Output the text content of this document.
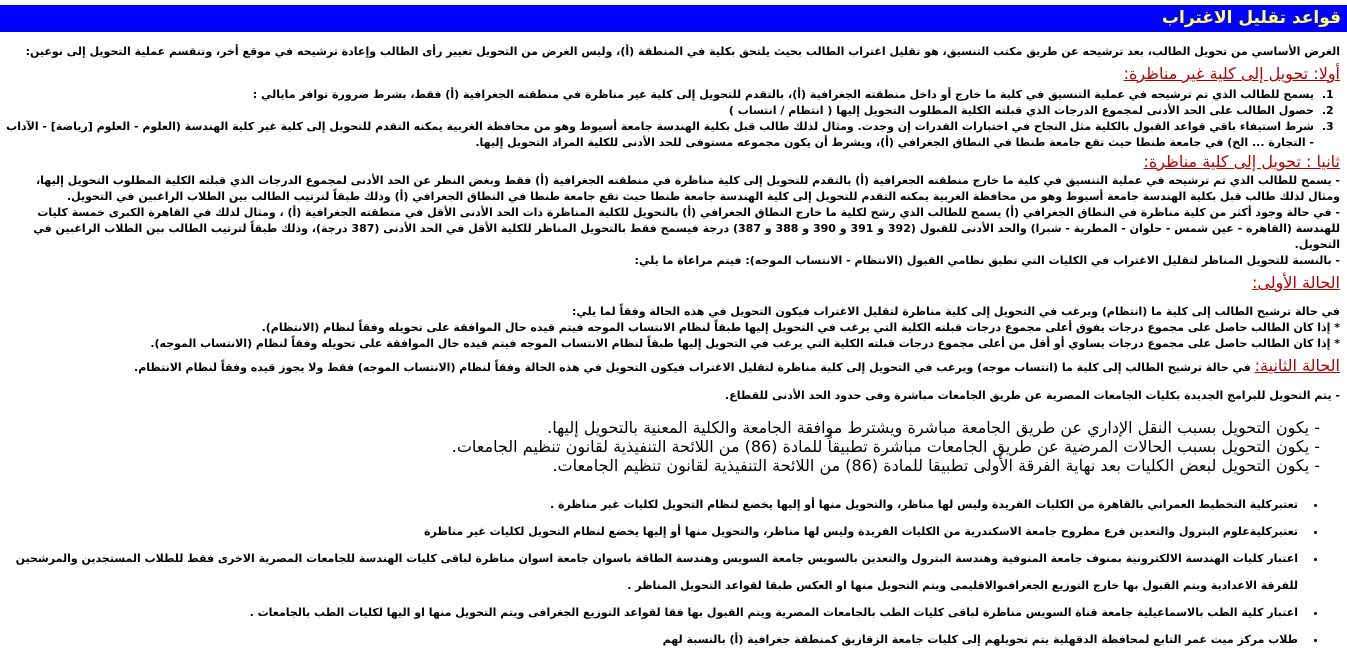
قواعد تقليل الاغتراب

الغرض الأساسي من تحويل الطالب، بعد ترشيحه عن طريق مكتب التنسيق، هو تقليل اغتراب الطالب بحيث يلتحق بكلية في المنطقة (أ)، وليس الغرض من التحويل تغيير رأى الطالب وإعادة ترشيحه في موقع أخر، وتنقسم عملية التحويل إلى نوعين:

أولا: تحويل إلى كلية غير مناظرة:
1. يسمح للطالب الذي تم ترشيحه في عملية التنسيق في كلية ما خارج أو داخل منطقته الجغرافية (أ)، بالتقدم للتحويل إلى كلية غير مناظرة في منطقته الجغرافية (أ) فقط، بشرط ضرورة توافر مايالي :
2. حصول الطالب على الحد الأدنى لمجموع الدرجات الذي قبلته الكلية المطلوب التحويل إليها ( انتظام / انتساب )
3. شرط استيفاء باقي قواعد القبول بالكلية مثل النجاح في اختبارات القدرات إن وجدت. ومثال لذلك طالب قبل بكلية الهندسة جامعة أسيوط وهو من محافظة الغربية يمكنه التقدم للتحويل إلى كلية غير كلية الهندسة (العلوم - العلوم [رياضة] - الآداب - التجارة ... الخ) في جامعة طنطا حيث تقع جامعة طنطا في النطاق الجغرافي (أ)، ويشرط أن يكون مجموعه مستوفى للحد الأدنى للكلية المراد التحويل إليها.
ثانيا : تحويل إلى كلية مناظرة:

- يسمح للطالب الذي تم ترشيحه في عملية التنسيق في كلية ما خارج منطقته الجغرافية (أ) بالتقدم للتحويل إلى كلية مناظرة في منطقته الجغرافية (أ) فقط وبغض النظر عن الحد الأدنى لمجموع الدرجات الذي قبلته الكلية المطلوب التحويل إليها، ومثال لذلك طالب قبل بكلية الهندسة جامعة أسيوط وهو من محافظة الغربية يمكنه التقدم للتحويل إلى كلية الهندسة جامعة طنطا حيث تقع جامعة طنطا في النطاق الجغرافي (أ) وذلك طبقاً لترتيب الطالب بين الطلاب الراغبين في التحويل.

- في حالة وجود أكثر من كلية مناظرة في النطاق الجغرافي (أ) يسمح للطالب الذي رشح لكلية ما خارج النطاق الجغرافي (أ) بالتحويل للكلية المناظرة ذات الحد الأدنى الأقل في منطقته الجغرافية (أ) ، ومثال لذلك في القاهرة الكبرى خمسة كليات للهندسة (القاهرة - عين شمس - حلوان - المطرية - شبرا) والحد الأدنى للقبول (392 و 391 و 390 و 388 و 387) درجة فيسمح فقط بالتحويل المناظر للكلية الأقل في الحد الأدنى (387 درجة)، وذلك طبقاً لترتيب الطالب بين الطلاب الراغبين في التحويل.

- بالنسبة للتحويل المناظر لتقليل الاغتراب في الكليات التي تطبق نظامي القبول (الانتظام - الانتساب الموجه): فيتم مراعاة ما يلي:

الحالة الأولى:

في حالة ترشيح الطالب إلى كلية ما (انتظام) ويرغب في التحويل إلى كلية مناظرة لتقليل الاغتراب فيكون التحويل في هذه الحالة وفقاً لما يلي:

* إذا كان الطالب حاصل على مجموع درجات يفوق أعلى مجموع درجات قبلته الكلية التي يرغب في التحويل إليها طبقاً لنظام الانتساب الموجه فيتم قيده حال الموافقة على تحويله وفقاً لنظام (الانتظام).

* إذا كان الطالب حاصل على مجموع درجات يساوي أو أقل من أعلى مجموع درجات قبلته الكلية التي يرغب في التحويل إليها طبقاً لنظام الانتساب الموجه فيتم قيده حال الموافقة على تحويله وفقاً لنظام (الانتساب الموجه).

الحالة الثانية: في حالة ترشيح الطالب إلى كلية ما (انتساب موجه) ويرغب في التحويل إلى كلية مناظرة لتقليل الاغتراب فيكون التحويل في هذه الحالة وفقاً لنظام (الانتساب الموجه) فقط ولا يجوز قيده وفقاً لنظام الانتظام.

- يتم التحويل للبرامج الجديدة بكليات الجامعات المصرية عن طريق الجامعات مباشرة وفى حدود الحد الأدنى للقطاع.

- يكون التحويل بسبب النقل الإداري عن طريق الجامعة مباشرة ويشترط موافقة الجامعة والكلية المعنية بالتحويل إليها.
- يكون التحويل بسبب الحالات المرضية عن طريق الجامعات مباشرة تطبيقاً للمادة (86) من اللائحة التنفيذية لقانون تنظيم الجامعات.
- يكون التحويل لبعض الكليات بعد نهاية الفرقة الأولى تطبيقا للمادة (86) من اللائحة التنفيذية لقانون تنظيم الجامعات.
• تعتبركلية التخطيط العمراني بالقاهرة من الكليات الفريدة وليس لها مناظر، والتحويل منها أو إليها يخضع لنظام التحويل لكليات غير مناظرة .
• تعتبركليةعلوم البترول والتعدين فرع مطروح جامعة الاسكندرية من الكليات الفريدة وليس لها مناظر، والتحويل منها أو إليها يخضع لنظام التحويل لكليات غير مناظرة
• اعتبار كليات الهندسة الالكترونية بمنوف جامعة المنوفية وهندسة البترول والتعدين بالسويس جامعة السويس وهندسة الطاقة باسوان جامعة اسوان مناظرة لباقى كليات الهندسة للجامعات المصرية الاخرى فقط للطلاب المستجدين والمرشحين للفرقة الاعدادية ويتم القبول بها خارج التوزيع الجغرافىوالاقليمى ويتم التحويل منها او العكس طبقا لقواعد التحويل المناظر .
• اعتبار كلية الطب بالاسماعيلية جامعة قناة السويس مناظرة لباقى كليات الطب بالجامعات المصرية ويتم القبول بها فقا لقواعد التوزيع الجغرافى ويتم التحويل منها او اليها لكليات الطب بالجامعات .
• طلاب مركز ميت غمر التابع لمحافظة الدقهلية يتم تحويلهم إلى كليات جامعة الزقازيق كمنطقة جغرافية (أ) بالنسبة لهم
